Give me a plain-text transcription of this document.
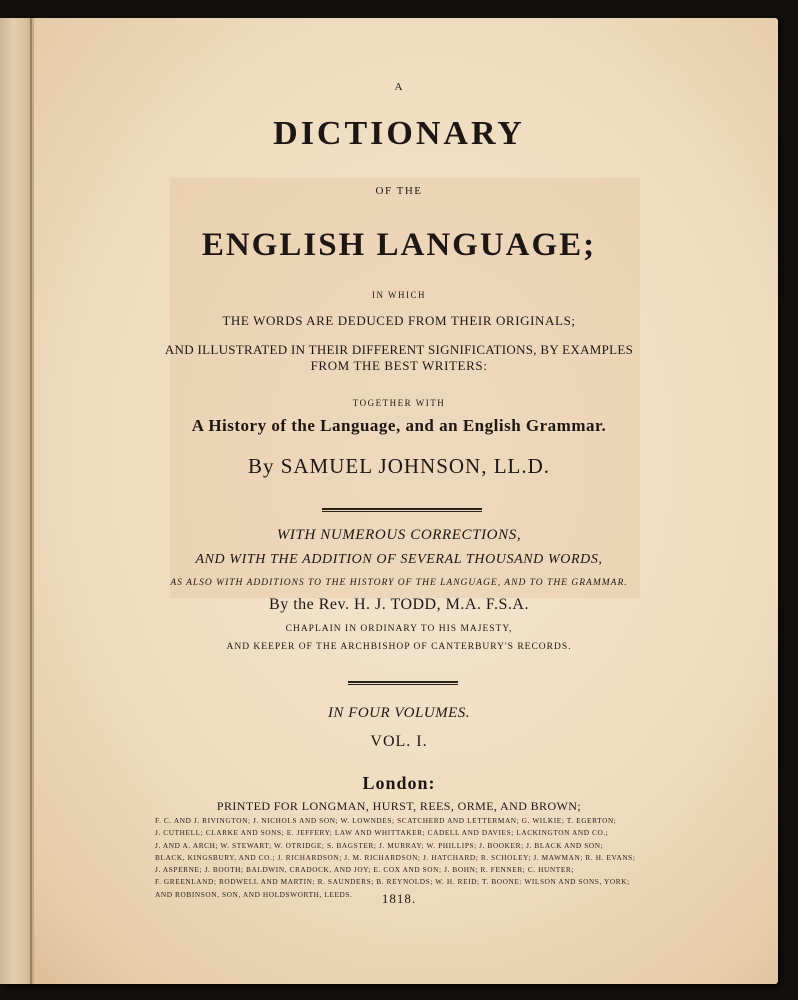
A
DICTIONARY
OF THE
ENGLISH LANGUAGE;
IN WHICH
THE WORDS ARE DEDUCED FROM THEIR ORIGINALS;
AND ILLUSTRATED IN THEIR DIFFERENT SIGNIFICATIONS, BY EXAMPLES
FROM THE BEST WRITERS:
TOGETHER WITH
A History of the Language, and an English Grammar.
By SAMUEL JOHNSON, LL.D.
WITH NUMEROUS CORRECTIONS,
AND WITH THE ADDITION OF SEVERAL THOUSAND WORDS,
AS ALSO WITH ADDITIONS TO THE HISTORY OF THE LANGUAGE, AND TO THE GRAMMAR.
By the Rev. H. J. TODD, M.A. F.S.A.
CHAPLAIN IN ORDINARY TO HIS MAJESTY,
AND KEEPER OF THE ARCHBISHOP OF CANTERBURY'S RECORDS.
IN FOUR VOLUMES.
VOL. I.
London:
PRINTED FOR LONGMAN, HURST, REES, ORME, AND BROWN;
F. C. AND J. RIVINGTON; J. NICHOLS AND SON; W. LOWNDES; SCATCHERD AND LETTERMAN; G. WILKIE; T. EGERTON;
J. CUTHELL; CLARKE AND SONS; E. JEFFERY; LAW AND WHITTAKER; CADELL AND DAVIES; LACKINGTON AND CO.;
J. AND A. ARCH; W. STEWART; W. OTRIDGE; S. BAGSTER; J. MURRAY; W. PHILLIPS; J. BOOKER; J. BLACK AND SON;
BLACK, KINGSBURY, AND CO.; J. RICHARDSON; J. M. RICHARDSON; J. HATCHARD; R. SCHOLEY; J. MAWMAN; R. H. EVANS;
J. ASPERNE; J. BOOTH; BALDWIN, CRADOCK, AND JOY; E. COX AND SON; J. BOHN; R. FENNER; C. HUNTER;
F. GREENLAND; RODWELL AND MARTIN; R. SAUNDERS; B. REYNOLDS; W. H. REID; T. BOONE: WILSON AND SONS, YORK;
AND ROBINSON, SON, AND HOLDSWORTH, LEEDS.	1818.
